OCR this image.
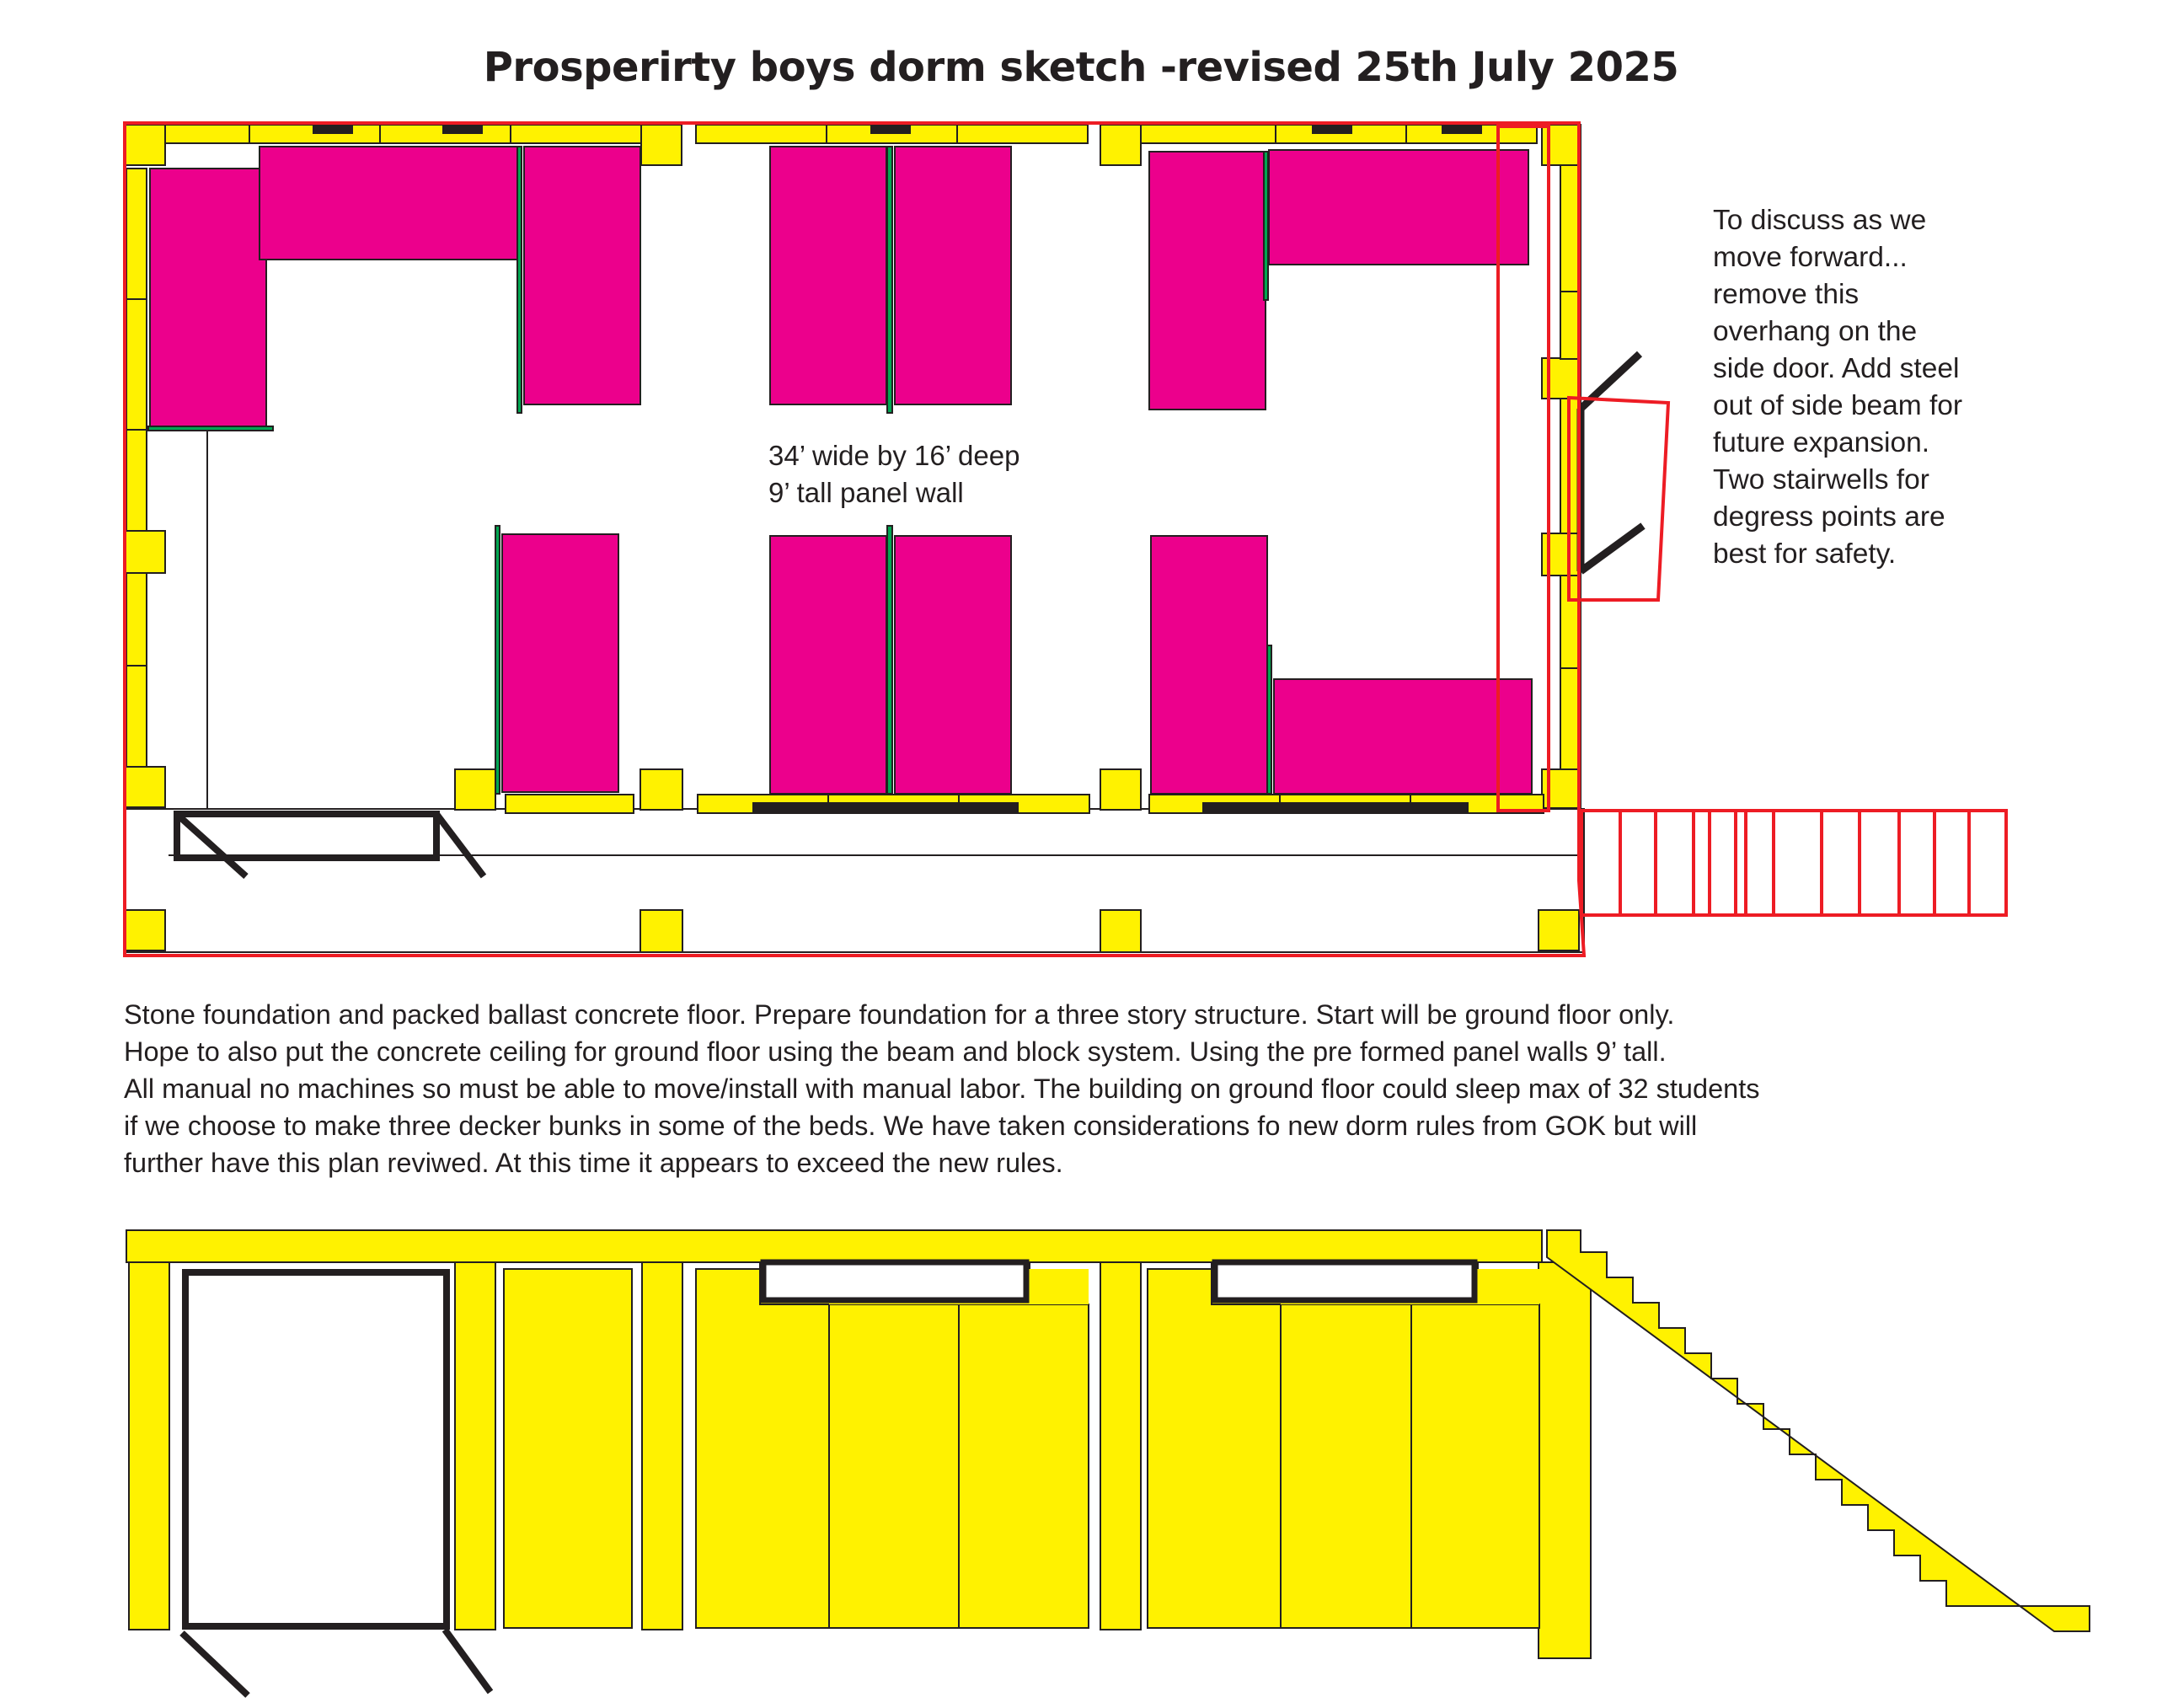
Prosperirty boys dorm sketch -revised 25th July 2025
34’ wide by 16’ deep
9’ tall panel wall
To discuss as we
move forward...
remove this
overhang on the
side door. Add steel
out of side beam for
future expansion.
Two stairwells for
degress points are
best for safety.
Stone foundation and packed ballast concrete floor. Prepare foundation for a three story structure. Start will be ground floor only.
Hope to also put the concrete ceiling for ground floor using the beam and block system. Using the pre formed panel walls 9’ tall.
All manual no machines so must be able to move/install with manual labor. The building on ground floor could sleep max of 32 students
if we choose to make three decker bunks in some of the beds. We have taken considerations fo new dorm rules from GOK but will
further have this plan reviwed. At this time it appears to exceed the new rules.
